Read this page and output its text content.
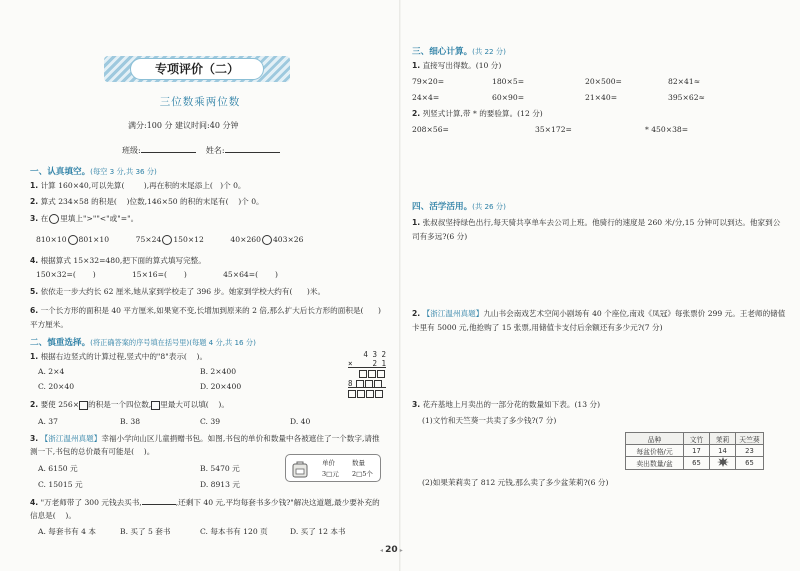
专项评价（二）
三位数乘两位数
满分:100 分 建议时间:40 分钟
班级:	姓名:
一、认真填空。(每空 3 分,共 36 分)
1. 计算 160×40,可以先算(	),再在积的末尾添上( )个 0。
2. 算式 234×58 的积是( )位数,146×50 的积的末尾有( )个 0。
3. 在 里填上">""<"或"="。
810×10 801×10	75×24 150×12	40×260 403×26
4. 根据算式 15×32=480,把下面的算式填写完整。
150×32=( )	15×16=( )	45×64=( )
5. 依依走一步大约长 62 厘米,她从家到学校走了 396 步。她家到学校大约有( )米。
6. 一个长方形的面积是 40 平方厘米,如果宽不变,长增加到原来的 2 倍,那么扩大后长方形的面积是( )平方厘米。
二、慎重选择。(将正确答案的序号填在括号里)(每题 4 分,共 16 分)
1. 根据右边竖式的计算过程,竖式中的"8"表示( )。
A. 2×4	B. 2×400
C. 20×40	D. 20×400
4 3 2
×	2 1
8
2. 要使 256× 的积是一个四位数, 里最大可以填( )。
A. 37	B. 38	C. 39	D. 40
3. 【浙江温州真题】幸福小学向山区儿童捐赠书包。如图,书包的单价和数量中各被遮住了一个数字,请推测一下,书包的总价最有可能是( )。
A. 6150 元	B. 5470 元
C. 15015 元	D. 8913 元
单价
3□元
数量
2□5个
4. "万老师带了 300 元钱去买书,	,还剩下 40 元,平均每套书多少钱?"解决这道题,最少要补充的信息是( )。
A. 每套书有 4 本	B. 买了 5 套书	C. 每本书有 120 页	D. 买了 12 本书
三、细心计算。(共 22 分)
1. 直接写出得数。(10 分)
79×20=	180×5=	20×500=	82×41≈
24×4=	60×90=	21×40=	395×62≈
2. 列竖式计算,带 * 的要验算。(12 分)
208×56=	35×172=	* 450×38=
四、活学活用。(共 26 分)
1. 张叔叔坚持绿色出行,每天骑共享单车去公司上班。他骑行的速度是 260 米/分,15 分钟可以到达。他家到公司有多远?(6 分)
2. 【浙江温州真题】九山书会南戏艺术空间小剧场有 40 个座位,南戏《凤冠》每张票价 299 元。王老师的储值卡里有 5000 元,他抢购了 15 张票,用储值卡支付后余额还有多少元?(7 分)
3. 花卉基地上月卖出的一部分花的数量如下表。(13 分)
(1)文竹和天竺葵一共卖了多少钱?(7 分)
(2)如果茉莉卖了 812 元钱,那么卖了多少盆茉莉?(6 分)
品种	文竹	茉莉	天竺葵
每盆价格/元	17	14	23
卖出数量/盆	65		65
◂ 20 ▸
